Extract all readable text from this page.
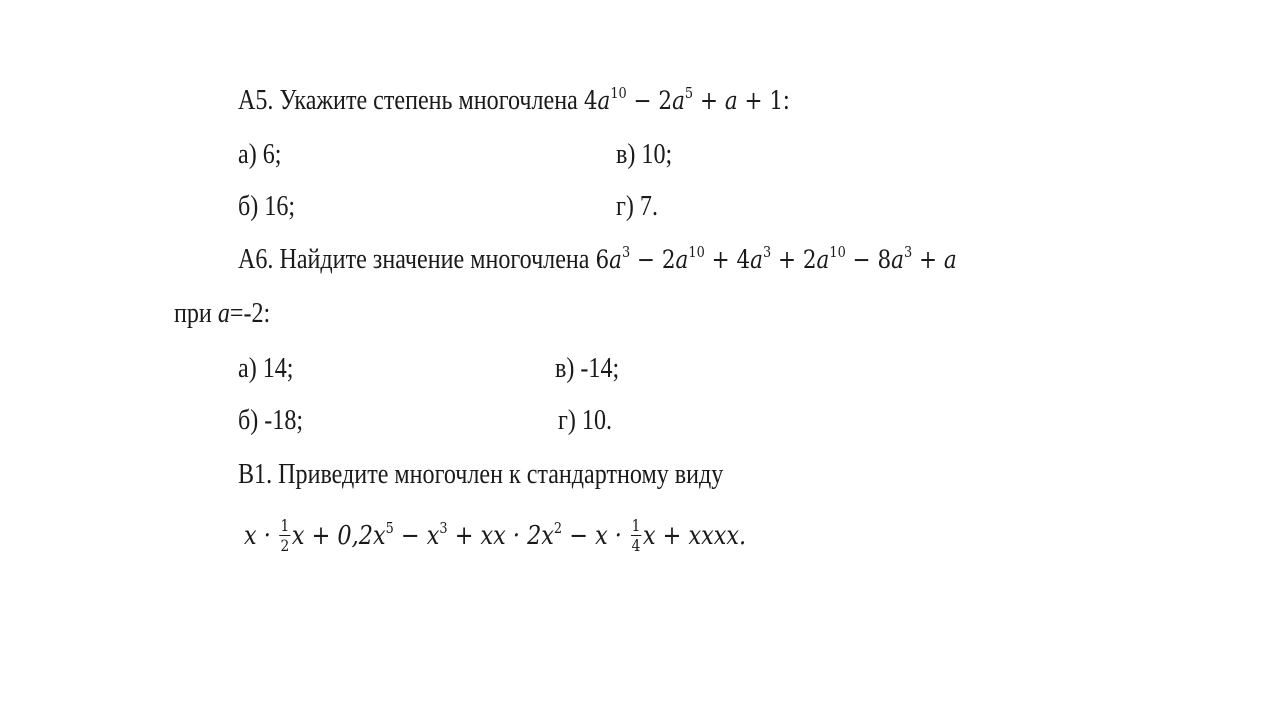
А5. Укажите степень многочлена $4a^{10} - 2a^5 + a + 1$:
а) 6;	в) 10;
б) 16;	г) 7.
А6. Найдите значение многочлена $6a^3 - 2a^{10} + 4a^3 + 2a^{10} - 8a^3 + a$
при a=-2:
а) 14;	в) -14;
б) -18;	г) 10.
В1. Приведите многочлен к стандартному виду
$x \cdot \frac{1}{2}$ $x + 0,2x^5 - x^3$ + xx · $2x^2 - x \cdot \frac{1}{4}$ x + xxxx.
